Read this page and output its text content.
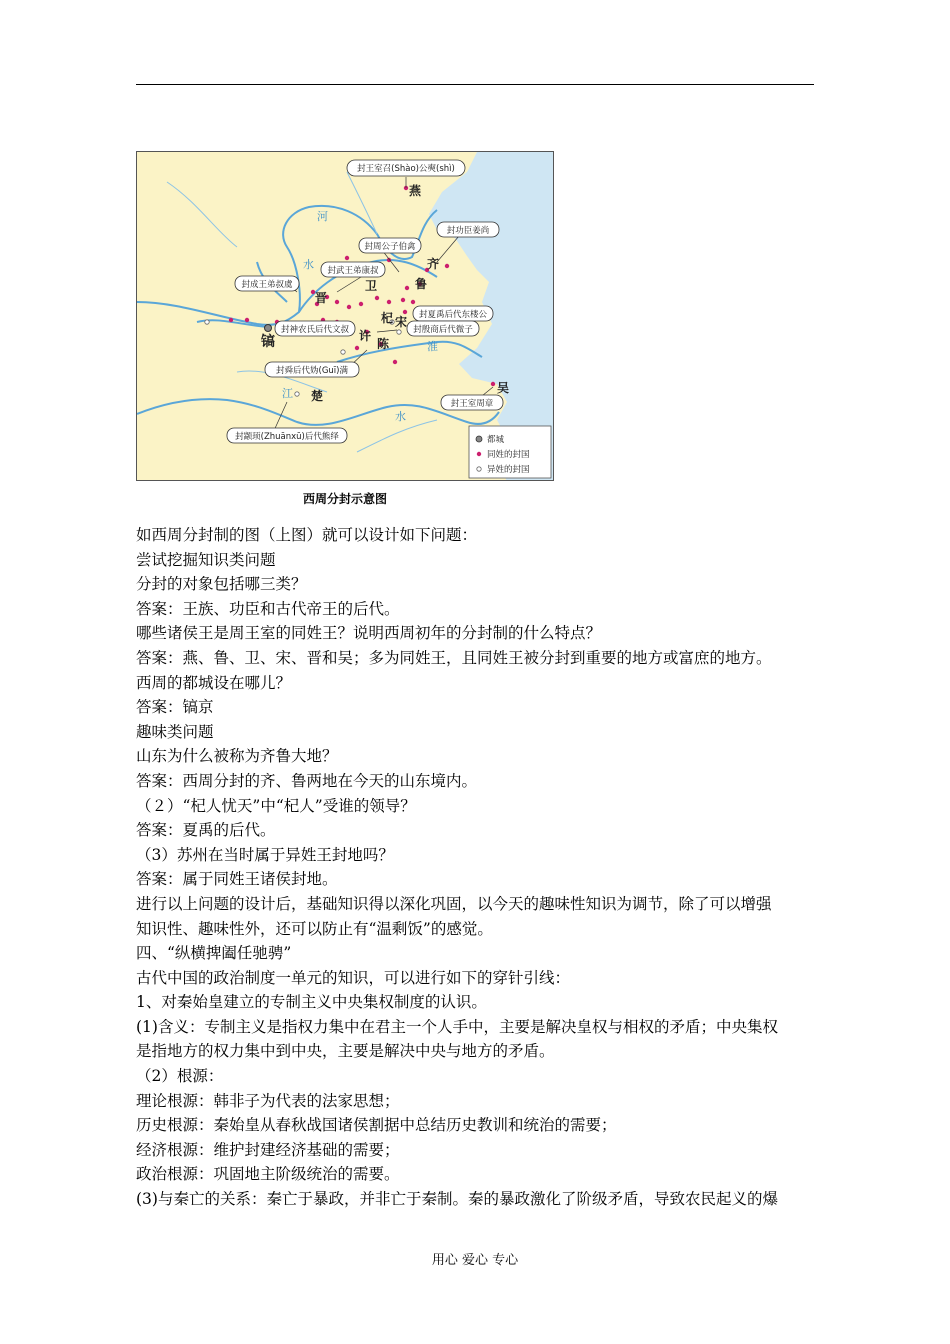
封王室召(Shào)公奭(shì)
封功臣姜尚
封周公子伯禽
封武王弟康叔
封成王弟叔虞
封夏禹后代东楼公
封殷商后代微子
封神农氏后代文叔
封舜后代妫(Guī)满
封王室周章
封颛顼(Zhuānxū)后代熊绎
燕
齐
鲁
卫
晋
杞 宋
镐	许
陈
楚
吴
河
水
淮
江
水
都城
同姓的封国
异姓的封国
西周分封示意图
如西周分封制的图（上图）就可以设计如下问题：
尝试挖掘知识类问题
分封的对象包括哪三类？
答案：王族、功臣和古代帝王的后代。
哪些诸侯王是周王室的同姓王？说明西周初年的分封制的什么特点？
答案：燕、鲁、卫、宋、晋和吴；多为同姓王，且同姓王被分封到重要的地方或富庶的地方。
西周的都城设在哪儿？
答案：镐京
趣味类问题
山东为什么被称为齐鲁大地？
答案：西周分封的齐、鲁两地在今天的山东境内。
（２）“杞人忧天”中“杞人”受谁的领导？
答案：夏禹的后代。
（3）苏州在当时属于异姓王封地吗？
答案：属于同姓王诸侯封地。
进行以上问题的设计后，基础知识得以深化巩固，以今天的趣味性知识为调节，除了可以增强
知识性、趣味性外，还可以防止有“温剩饭”的感觉。
四、“纵横捭阖任驰骋”
古代中国的政治制度一单元的知识，可以进行如下的穿针引线：
1、对秦始皇建立的专制主义中央集权制度的认识。
(1)含义：专制主义是指权力集中在君主一个人手中，主要是解决皇权与相权的矛盾；中央集权
是指地方的权力集中到中央，主要是解决中央与地方的矛盾。
（2）根源：
理论根源：韩非子为代表的法家思想；
历史根源：秦始皇从春秋战国诸侯割据中总结历史教训和统治的需要；
经济根源：维护封建经济基础的需要；
政治根源：巩固地主阶级统治的需要。
(3)与秦亡的关系：秦亡于暴政，并非亡于秦制。秦的暴政激化了阶级矛盾，导致农民起义的爆
用心 爱心 专心
